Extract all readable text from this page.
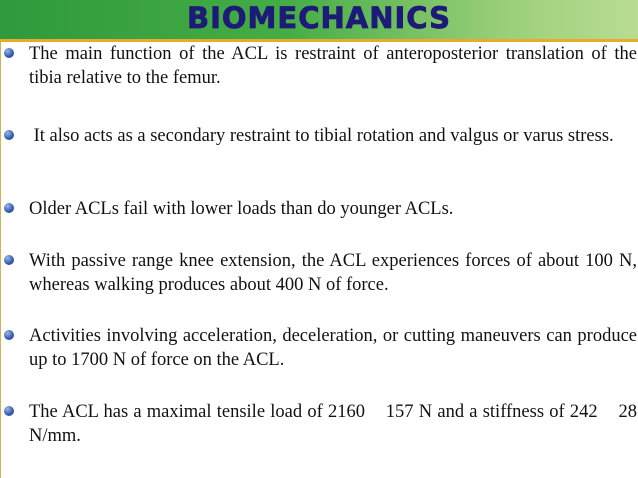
BIOMECHANICS
The main function of the ACL is restraint of anteroposterior translation of the tibia relative to the femur.
It also acts as a secondary restraint to tibial rotation and valgus or varus stress.
Older ACLs fail with lower loads than do younger ACLs.
With passive range knee extension, the ACL experiences forces of about 100 N, whereas walking produces about 400 N of force.
Activities involving acceleration, deceleration, or cutting maneuvers can produce up to 1700 N of force on the ACL.
The ACL has a maximal tensile load of 2160    157 N and a stiffness of 242    28 N/mm.
